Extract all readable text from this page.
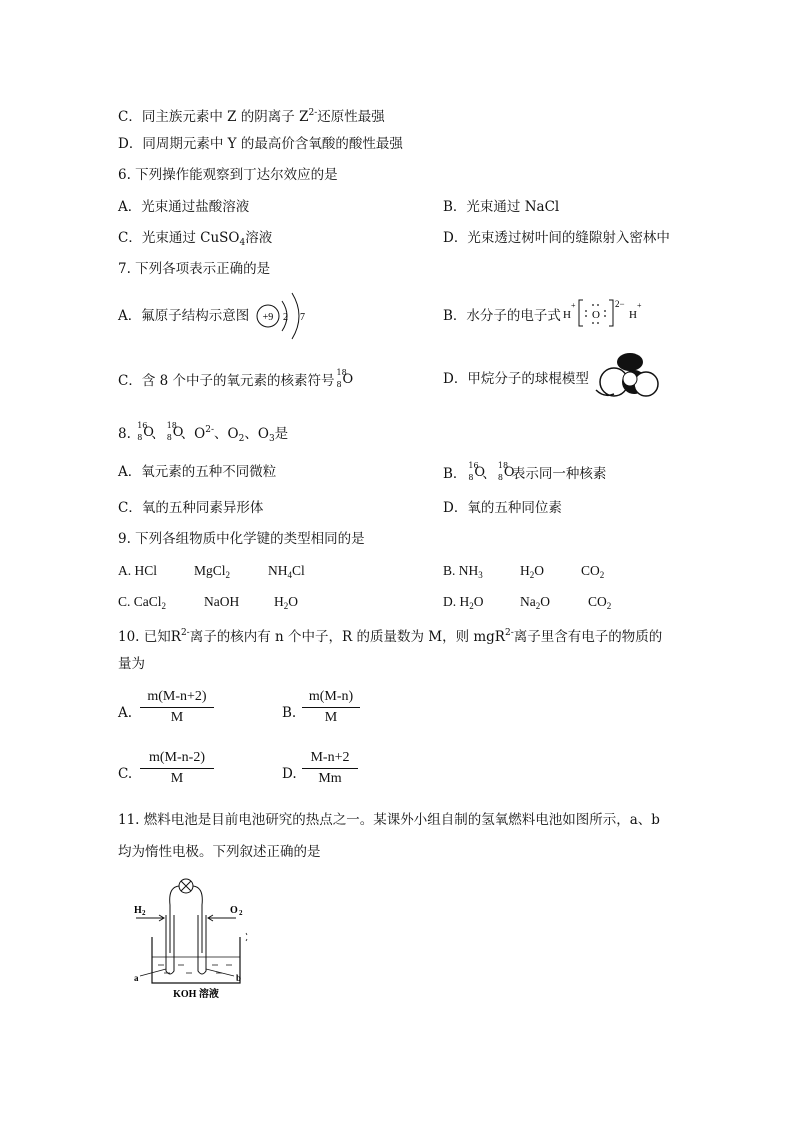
C．同主族元素中 Z 的阴离子 $Z^{2-}$还原性最强
D．同周期元素中 Y 的最高价含氧酸的酸性最强
6. 下列操作能观察到丁达尔效应的是
A．光束通过盐酸溶液	B．光束通过 NaCl
C．光束通过 CuSO$_4$溶液	D．光束透过树叶间的缝隙射入密林中
7. 下列各项表示正确的是
A．氟原子结构示意图 +9 2 7	B．水分子的电子式 H
+
O
2−
H
+
C．含 8 个中子的氧元素的核素符号
18
8 O	D．甲烷分子的球棍模型
8.
16
8 O
、
18
8 O
、$O^{2-}$、$O_2$、$O_3$是
A．氧元素的五种不同微粒	B．
16
8 O
、
18
8 O
表示同一种核素
C．氧的五种同素异形体	D．氧的五种同位素
9. 下列各组物质中化学键的类型相同的是
A. HCl	MgCl$_2$	$NH_4Cl$	B. $NH_3$	$H_2O$	$CO_2$
C. CaCl$_2$	NaOH	$H_2O$	D. $H_2O$	$Na_2O$	$CO_2$
10. 已知$R^{2-}$离子的核内有 n 个中子，R 的质量数为 M，则 mgR$^{2-}$离子里含有电子的物质的
量为
A. $\frac{m(M-n+2)}{M}$	B. $\frac{m(M-n)}{M}$
C. $\frac{m(M-n-2)}{M}$	D. $\frac{M-n+2}{Mm}$
11. 燃料电池是目前电池研究的热点之一。某课外小组自制的氢氧燃料电池如图所示，a、b
均为惰性电极。下列叙述正确的是
H 2	O 2
a	b
KOH 溶液
